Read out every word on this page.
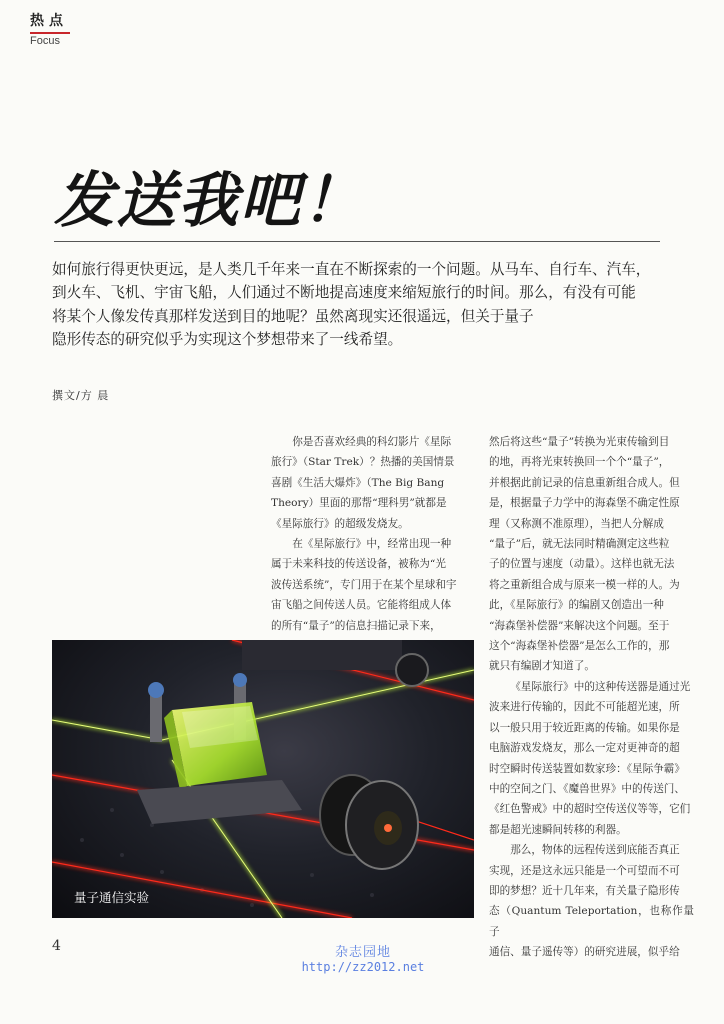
热点
Focus
发送我吧！
如何旅行得更快更远，是人类几千年来一直在不断探索的一个问题。从马车、自行车、汽车，
到火车、飞机、宇宙飞船，人们通过不断地提高速度来缩短旅行的时间。那么，有没有可能
将某个人像发传真那样发送到目的地呢？虽然离现实还很遥远，但关于量子
隐形传态的研究似乎为实现这个梦想带来了一线希望。
撰文/方 晨

你是否喜欢经典的科幻影片《星际
旅行》（Star Trek）？热播的美国情景
喜剧《生活大爆炸》（The Big Bang
Theory）里面的那帮“理科男”就都是
《星际旅行》的超级发烧友。

在《星际旅行》中，经常出现一种
属于未来科技的传送设备，被称为“光
波传送系统”，专门用于在某个星球和宇
宙飞船之间传送人员。它能将组成人体
的所有“量子”的信息扫描记录下来，

然后将这些“量子”转换为光束传输到目
的地，再将光束转换回一个个“量子”，
并根据此前记录的信息重新组合成人。但
是，根据量子力学中的海森堡不确定性原
理（又称测不准原理），当把人分解成
“量子”后，就无法同时精确测定这些粒
子的位置与速度（动量）。这样也就无法
将之重新组合成与原来一模一样的人。为
此，《星际旅行》的编剧又创造出一种
“海森堡补偿器”来解决这个问题。至于
这个“海森堡补偿器”是怎么工作的，那
就只有编剧才知道了。

《星际旅行》中的这种传送器是通过光
波来进行传输的，因此不可能超光速，所
以一般只用于较近距离的传输。如果你是
电脑游戏发烧友，那么一定对更神奇的超
时空瞬时传送装置如数家珍：《星际争霸》
中的空间之门、《魔兽世界》中的传送门、
《红色警戒》中的超时空传送仪等等，它们
都是超光速瞬间转移的利器。

那么，物体的远程传送到底能否真正
实现，还是这永远只能是一个可望而不可
即的梦想？近十几年来，有关量子隐形传
态（Quantum Teleportation，也称作量子
通信、量子遥传等）的研究进展，似乎给

量子通信实验
4	杂志园地
http://zz2012.net
